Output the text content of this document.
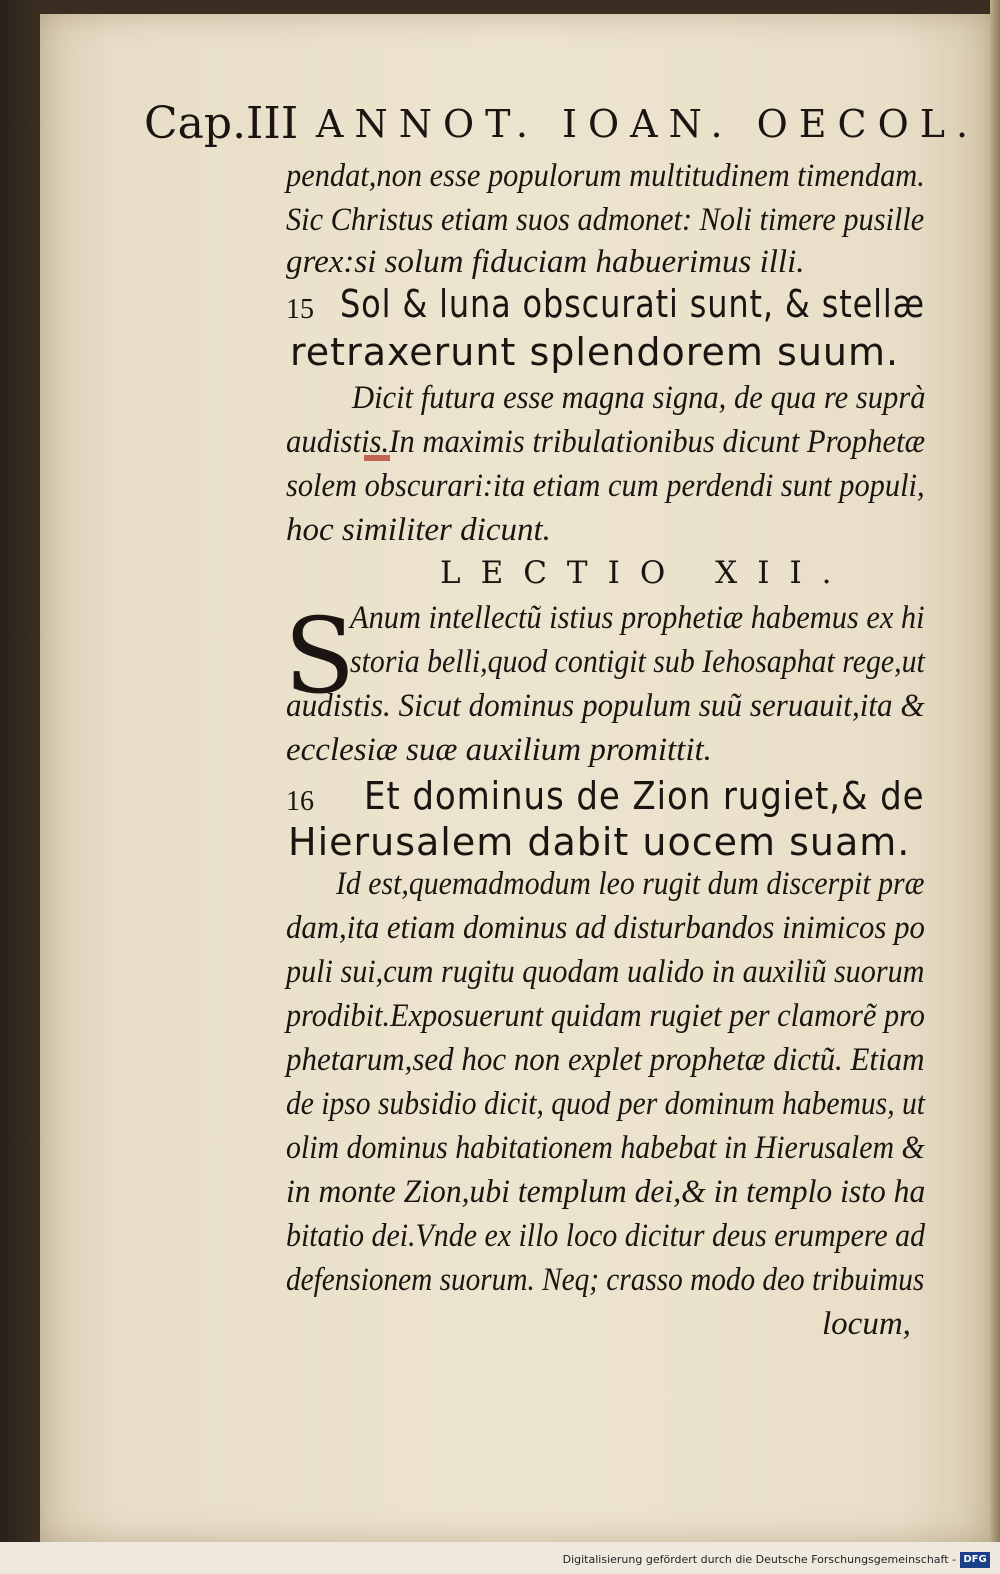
Cap.III ANNOT. IOAN. OECOL.
pendat,non esse populorum multitudinem timendam.
Sic Christus etiam suos admonet: Noli timere pusille
grex:si solum fiduciam habuerimus illi.
15 Sol & luna obscurati sunt, & stellæ
retraxerunt splendorem suum.
Dicit futura esse magna signa, de qua re suprà
audistis.In maximis tribulationibus dicunt Prophetæ
solem obscurari:ita etiam cum perdendi sunt populi,
hoc similiter dicunt.
LECTIO XII.
S
Anum intellectũ istius prophetiæ habemus ex hi
storia belli,quod contigit sub Iehosaphat rege,ut
audistis. Sicut dominus populum suũ seruauit,ita &
ecclesiæ suæ auxilium promittit.
16 Et dominus de Zion rugiet,& de
Hierusalem dabit uocem suam.
Id est,quemadmodum leo rugit dum discerpit præ
dam,ita etiam dominus ad disturbandos inimicos po
puli sui,cum rugitu quodam ualido in auxiliũ suorum
prodibit.Exposuerunt quidam rugiet per clamorẽ pro
phetarum,sed hoc non explet prophetæ dictũ. Etiam
de ipso subsidio dicit, quod per dominum habemus, ut
olim dominus habitationem habebat in Hierusalem &
in monte Zion,ubi templum dei,& in templo isto ha
bitatio dei.Vnde ex illo loco dicitur deus erumpere ad
defensionem suorum. Neq; crasso modo deo tribuimus
locum,
Digitalisierung gefördert durch die Deutsche Forschungsgemeinschaft - DFG
